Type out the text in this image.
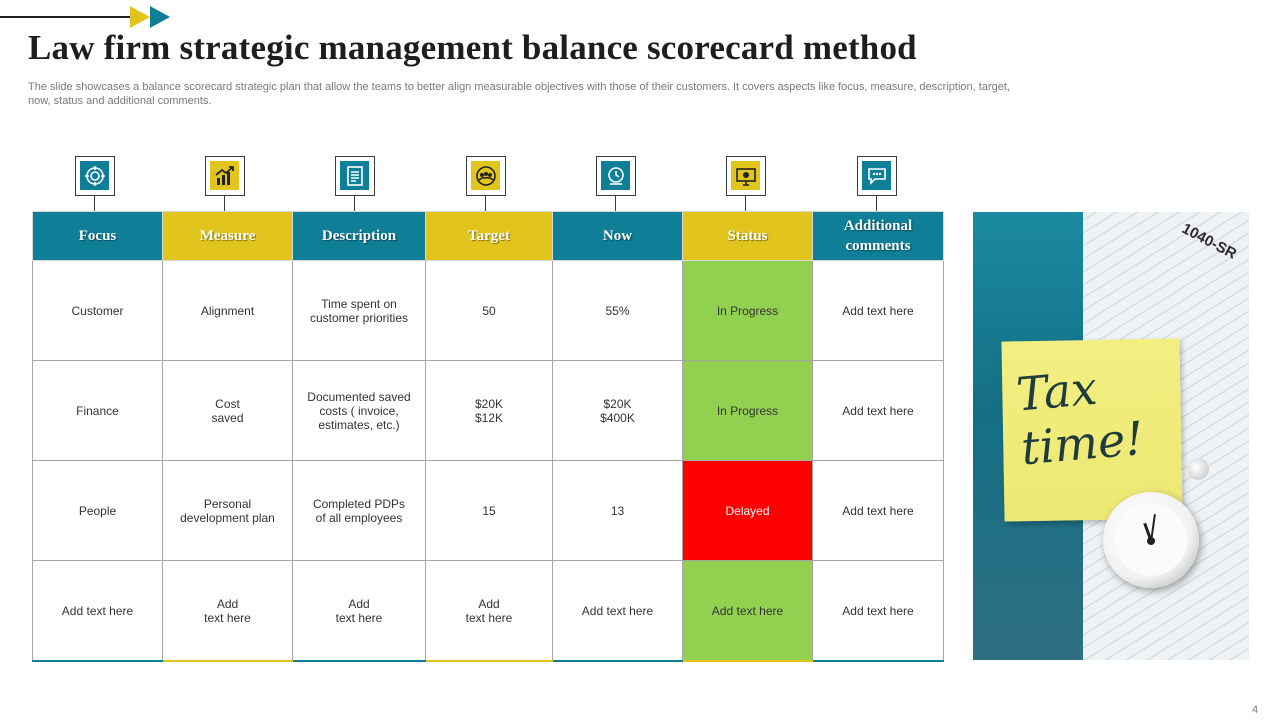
Law firm strategic management balance scorecard method

The slide showcases a balance scorecard strategic plan that allow the teams to better align measurable objectives with those of their customers. It covers aspects like focus, measure, description, target, now, status and additional comments.

Focus	Measure	Description	Target	Now	Status	Additional comments
Customer	Alignment	Time spent on
customer priorities	50	55%	In Progress	Add text here
Finance	Cost
saved	Documented saved
costs ( invoice,
estimates, etc.)	$20K
$12K	$20K
$400K	In Progress	Add text here
People	Personal
development plan	Completed PDPs
of all employees	15	13	Delayed	Add text here
Add text here	Add
text here	Add
text here	Add
text here	Add text here	Add text here	Add text here
1040-SR
Tax
time!
4
